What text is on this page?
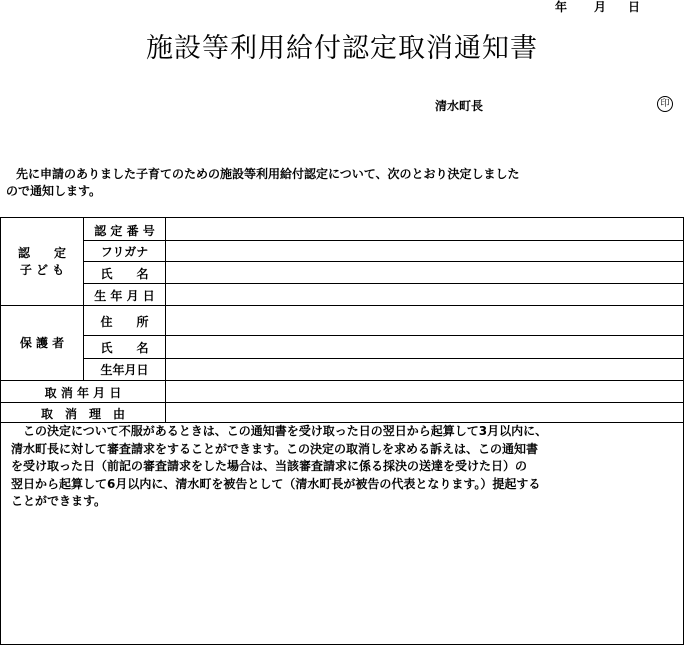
年 月 日
施設等利用給付認定取消通知書
清水町長	印
先に申請のありました子育てのための施設等利用給付認定について、次のとおり決定しました
ので通知します。
認　　定
子 ど も
認 定 番 号
フリガナ
氏　　名
生 年 月 日
保 護 者
住　　所
氏　　名
生年月日
取 消 年 月 日
取　消　理　由
　この決定について不服があるときは、この通知書を受け取った日の翌日から起算して3月以内に、
清水町長に対して審査請求をすることができます。この決定の取消しを求める訴えは、この通知書
を受け取った日（前記の審査請求をした場合は、当該審査請求に係る採決の送達を受けた日）の
翌日から起算して6月以内に、清水町を被告として（清水町長が被告の代表となります。）提起する
ことができます。
